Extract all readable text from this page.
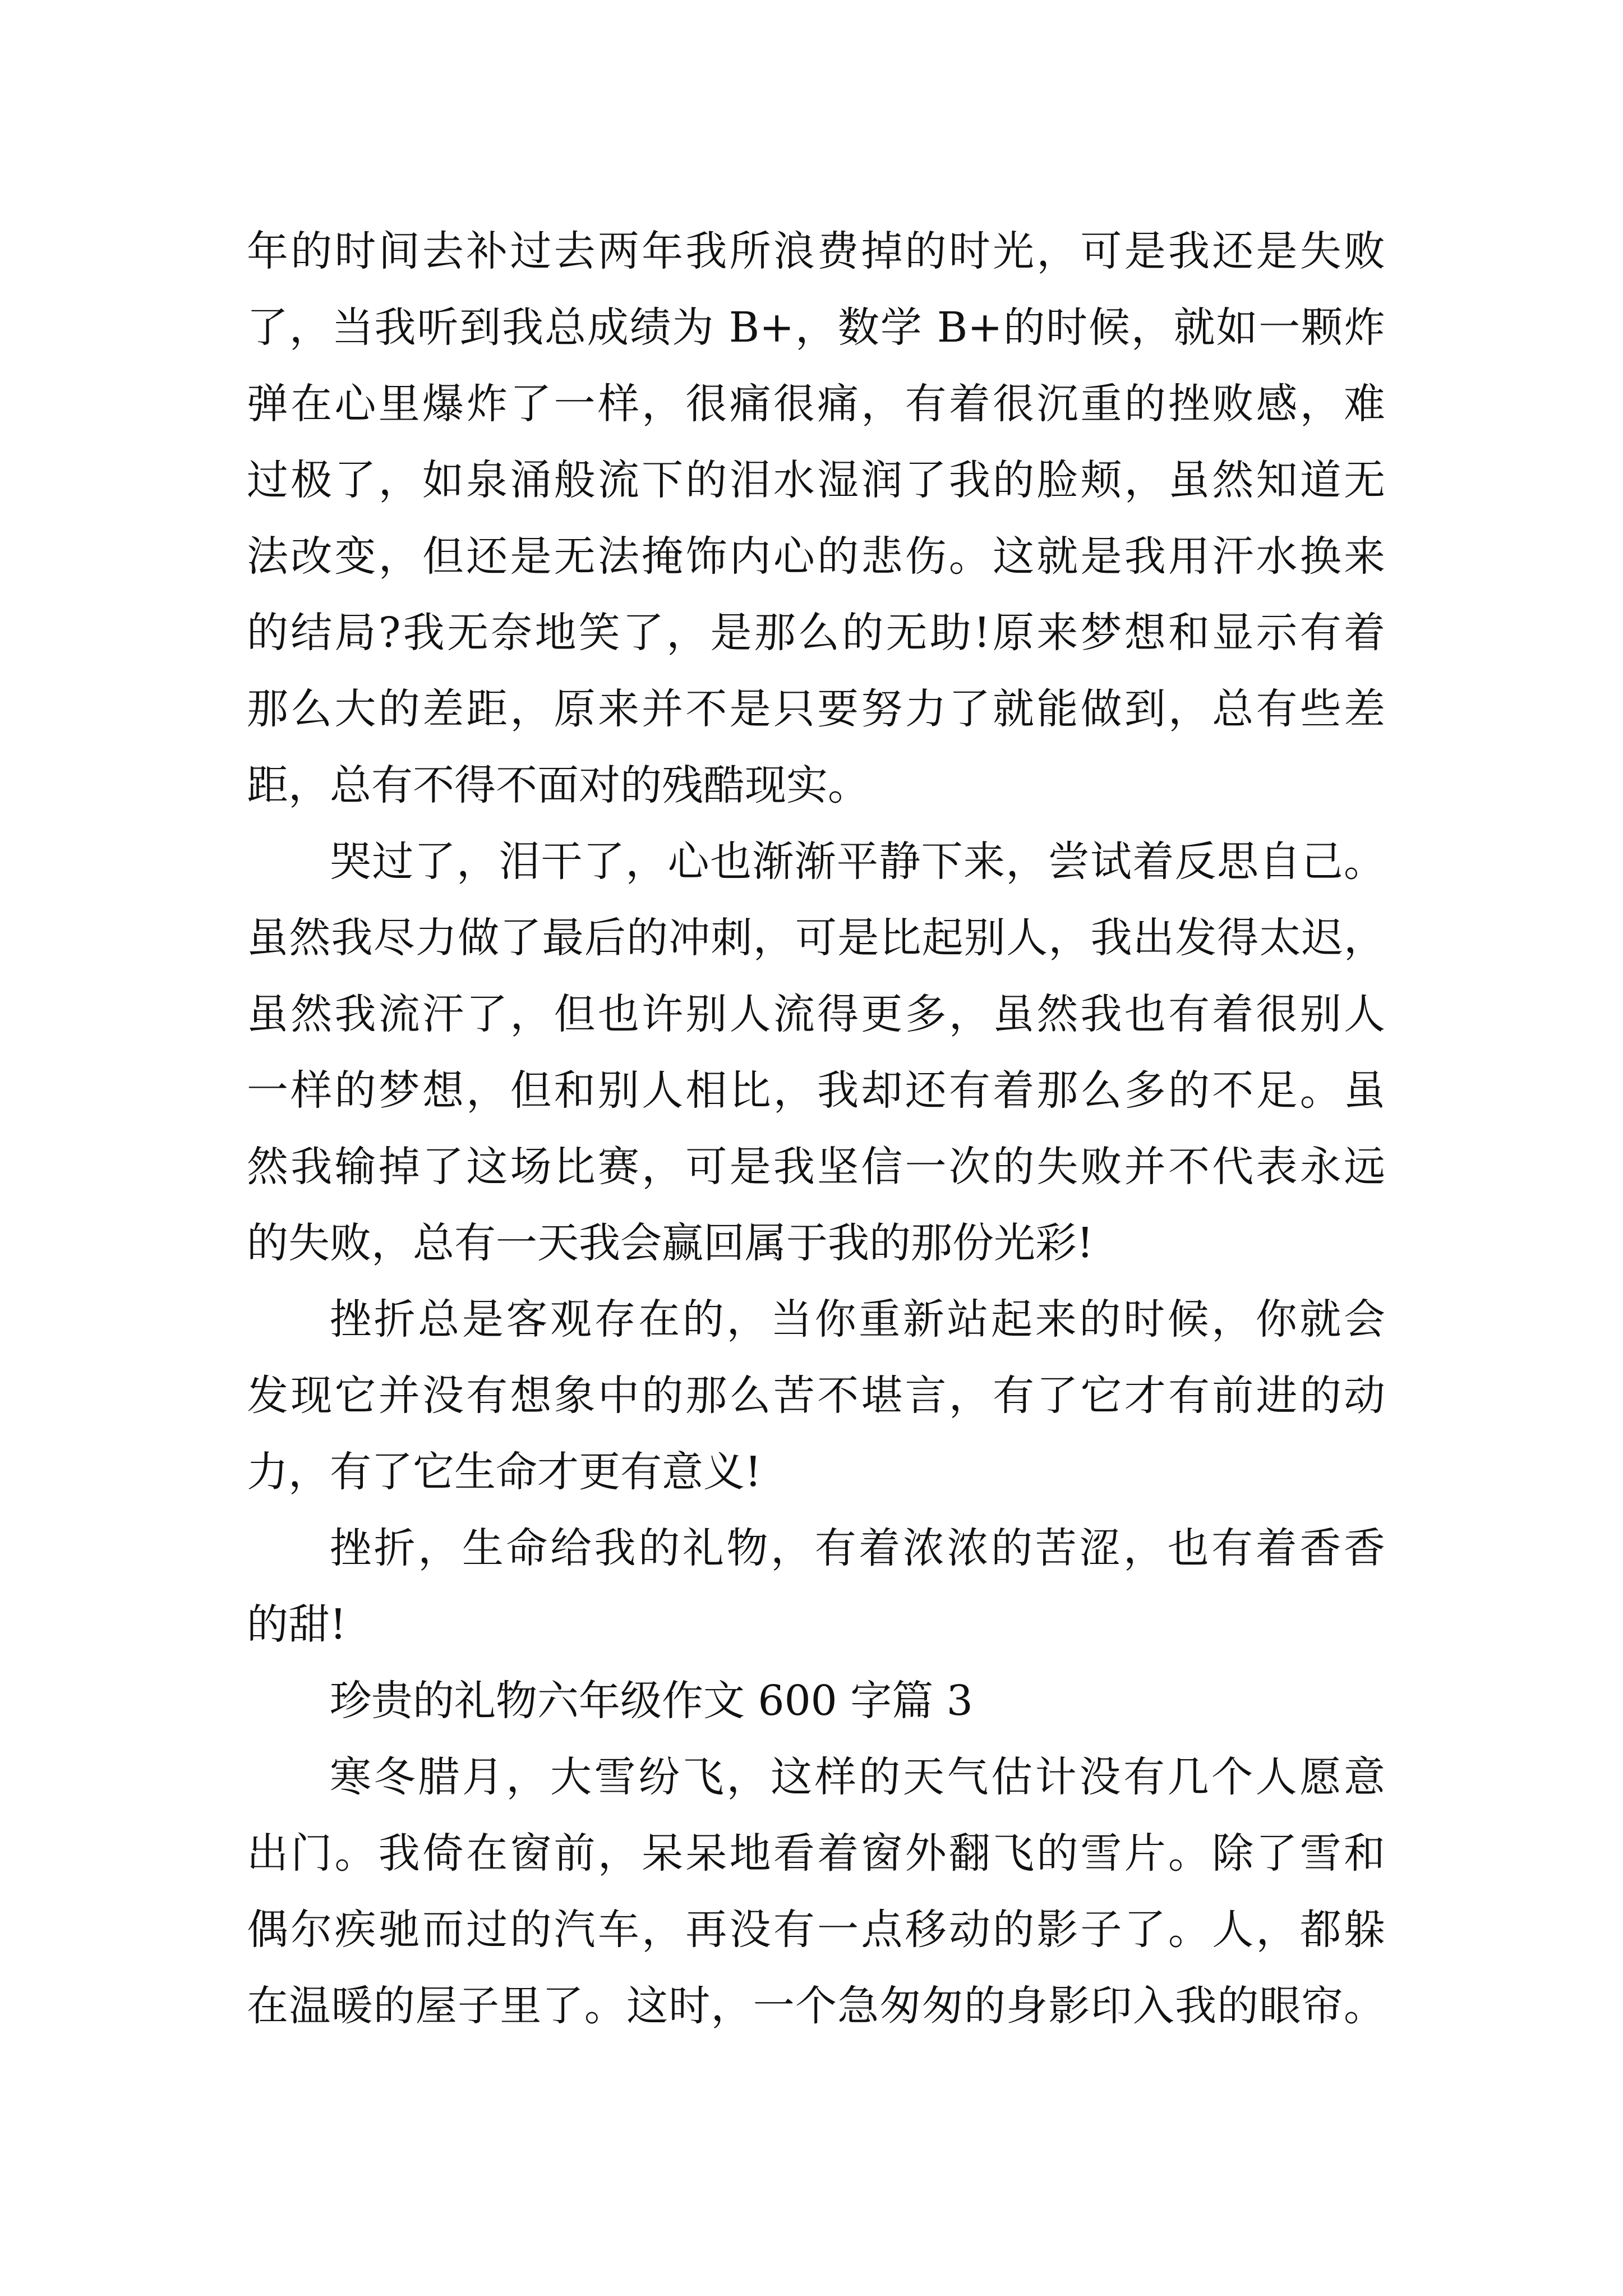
年的时间去补过去两年我所浪费掉的时光，可是我还是失败
了，当我听到我总成绩为 B+，数学 B+的时候，就如一颗炸
弹在心里爆炸了一样，很痛很痛，有着很沉重的挫败感，难
过极了，如泉涌般流下的泪水湿润了我的脸颊，虽然知道无
法改变，但还是无法掩饰内心的悲伤。这就是我用汗水换来
的结局?我无奈地笑了，是那么的无助!原来梦想和显示有着
那么大的差距，原来并不是只要努力了就能做到，总有些差
距，总有不得不面对的残酷现实。
哭过了，泪干了，心也渐渐平静下来，尝试着反思自己。
虽然我尽力做了最后的冲刺，可是比起别人，我出发得太迟，
虽然我流汗了，但也许别人流得更多，虽然我也有着很别人
一样的梦想，但和别人相比，我却还有着那么多的不足。虽
然我输掉了这场比赛，可是我坚信一次的失败并不代表永远
的失败，总有一天我会赢回属于我的那份光彩!
挫折总是客观存在的，当你重新站起来的时候，你就会
发现它并没有想象中的那么苦不堪言，有了它才有前进的动
力，有了它生命才更有意义!
挫折，生命给我的礼物，有着浓浓的苦涩，也有着香香
的甜!
珍贵的礼物六年级作文 600 字篇 3
寒冬腊月，大雪纷飞，这样的天气估计没有几个人愿意
出门。我倚在窗前，呆呆地看着窗外翻飞的雪片。除了雪和
偶尔疾驰而过的汽车，再没有一点移动的影子了。人，都躲
在温暖的屋子里了。这时，一个急匆匆的身影印入我的眼帘。
